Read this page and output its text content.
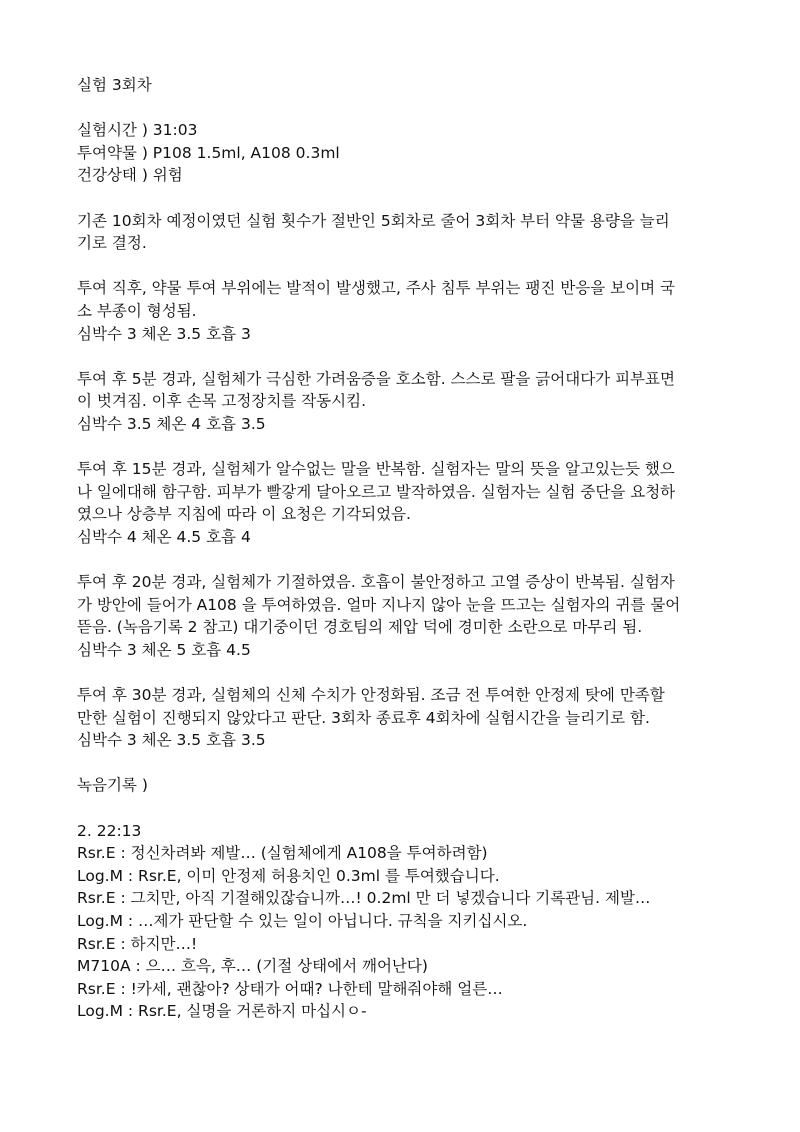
실험 3회차

실험시간 ) 31:03

투여약물 ) P108 1.5ml, A108 0.3ml

건강상태 ) 위험

기존 10회차 예정이였던 실험 횟수가 절반인 5회차로 줄어 3회차 부터 약물 용량을 늘리

기로 결정.

투여 직후, 약물 투여 부위에는 발적이 발생했고, 주사 침투 부위는 팽진 반응을 보이며 국

소 부종이 형성됨.

심박수 3 체온 3.5 호흡 3

투여 후 5분 경과, 실험체가 극심한 가려움증을 호소함. 스스로 팔을 긁어대다가 피부표면

이 벗겨짐. 이후 손목 고정장치를 작동시킴.

심박수 3.5 체온 4 호흡 3.5

투여 후 15분 경과, 실험체가 알수없는 말을 반복함. 실험자는 말의 뜻을 알고있는듯 했으

나 일에대해 함구함. 피부가 빨갛게 달아오르고 발작하였음. 실험자는 실험 중단을 요청하

였으나 상층부 지침에 따라 이 요청은 기각되었음.

심박수 4 체온 4.5 호흡 4

투여 후 20분 경과, 실험체가 기절하였음. 호흡이 불안정하고 고열 증상이 반복됨. 실험자

가 방안에 들어가 A108 을 투여하였음. 얼마 지나지 않아 눈을 뜨고는 실험자의 귀를 물어

뜯음. (녹음기록 2 참고) 대기중이던 경호팀의 제압 덕에 경미한 소란으로 마무리 됨.

심박수 3 체온 5 호흡 4.5

투여 후 30분 경과, 실험체의 신체 수치가 안정화됨. 조금 전 투여한 안정제 탓에 만족할

만한 실험이 진행되지 않았다고 판단. 3회차 종료후 4회차에 실험시간을 늘리기로 함.

심박수 3 체온 3.5 호흡 3.5

녹음기록 )

2. 22:13

Rsr.E : 정신차려봐 제발… (실험체에게 A108을 투여하려함)

Log.M : Rsr.E, 이미 안정제 허용치인 0.3ml 를 투여했습니다.

Rsr.E : 그치만, 아직 기절해있잖습니까…! 0.2ml 만 더 넣겠습니다 기록관님. 제발…

Log.M : …제가 판단할 수 있는 일이 아닙니다. 규칙을 지키십시오.

Rsr.E : 하지만…!

M710A : 으… 흐윽, 후… (기절 상태에서 깨어난다)

Rsr.E : !카세, 괜찮아? 상태가 어때? 나한테 말해줘야해 얼른…

Log.M : Rsr.E, 실명을 거론하지 마십시ㅇ-
